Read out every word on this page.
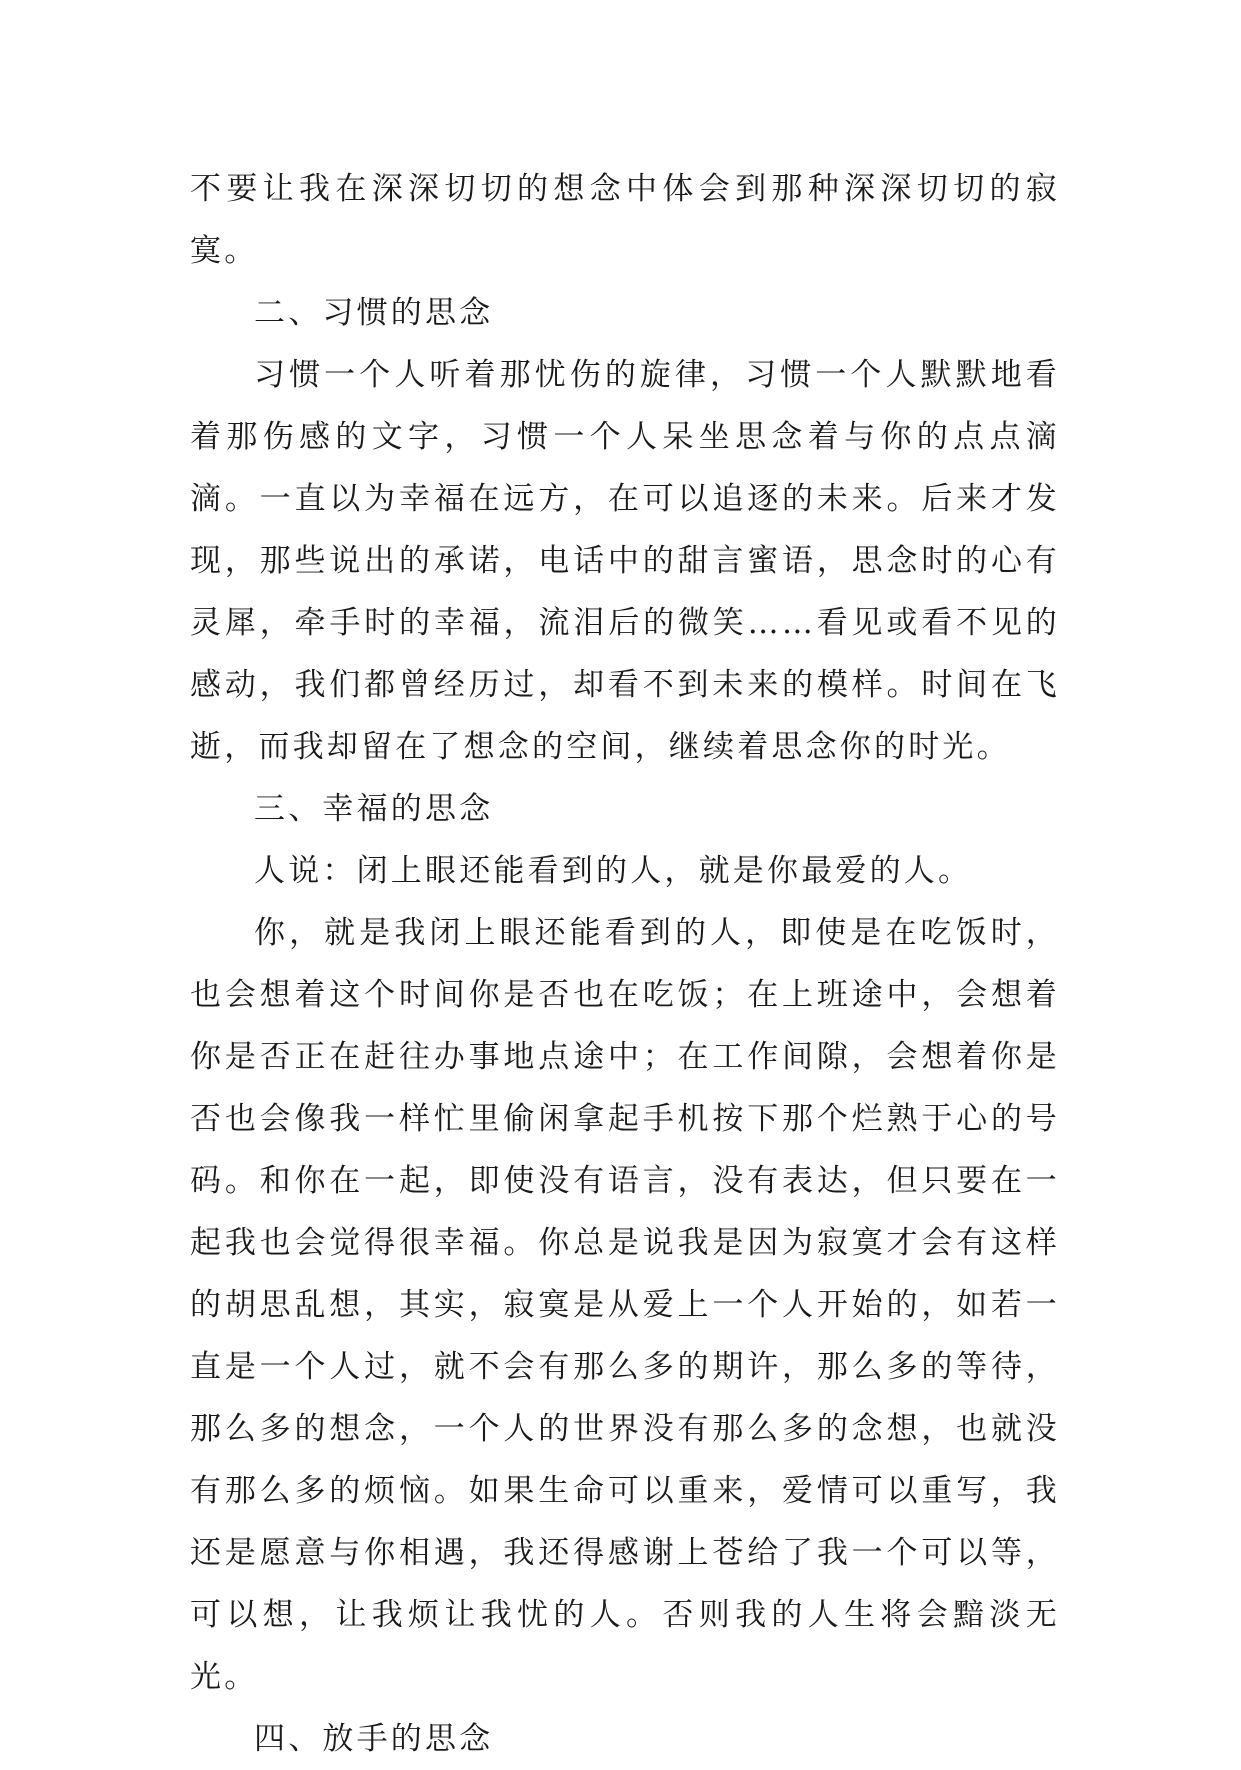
不要让我在深深切切的想念中体会到那种深深切切的寂寞。

二、习惯的思念

习惯一个人听着那忧伤的旋律，习惯一个人默默地看着那伤感的文字，习惯一个人呆坐思念着与你的点点滴滴。一直以为幸福在远方，在可以追逐的未来。后来才发现，那些说出的承诺，电话中的甜言蜜语，思念时的心有灵犀，牵手时的幸福，流泪后的微笑……看见或看不见的感动，我们都曾经历过，却看不到未来的模样。时间在飞逝，而我却留在了想念的空间，继续着思念你的时光。

三、幸福的思念

人说：闭上眼还能看到的人，就是你最爱的人。

你，就是我闭上眼还能看到的人，即使是在吃饭时，也会想着这个时间你是否也在吃饭；在上班途中，会想着你是否正在赶往办事地点途中；在工作间隙，会想着你是否也会像我一样忙里偷闲拿起手机按下那个烂熟于心的号码。和你在一起，即使没有语言，没有表达，但只要在一起我也会觉得很幸福。你总是说我是因为寂寞才会有这样的胡思乱想，其实，寂寞是从爱上一个人开始的，如若一直是一个人过，就不会有那么多的期许，那么多的等待，那么多的想念，一个人的世界没有那么多的念想，也就没有那么多的烦恼。如果生命可以重来，爱情可以重写，我还是愿意与你相遇，我还得感谢上苍给了我一个可以等，可以想，让我烦让我忧的人。否则我的人生将会黯淡无光。

四、放手的思念
